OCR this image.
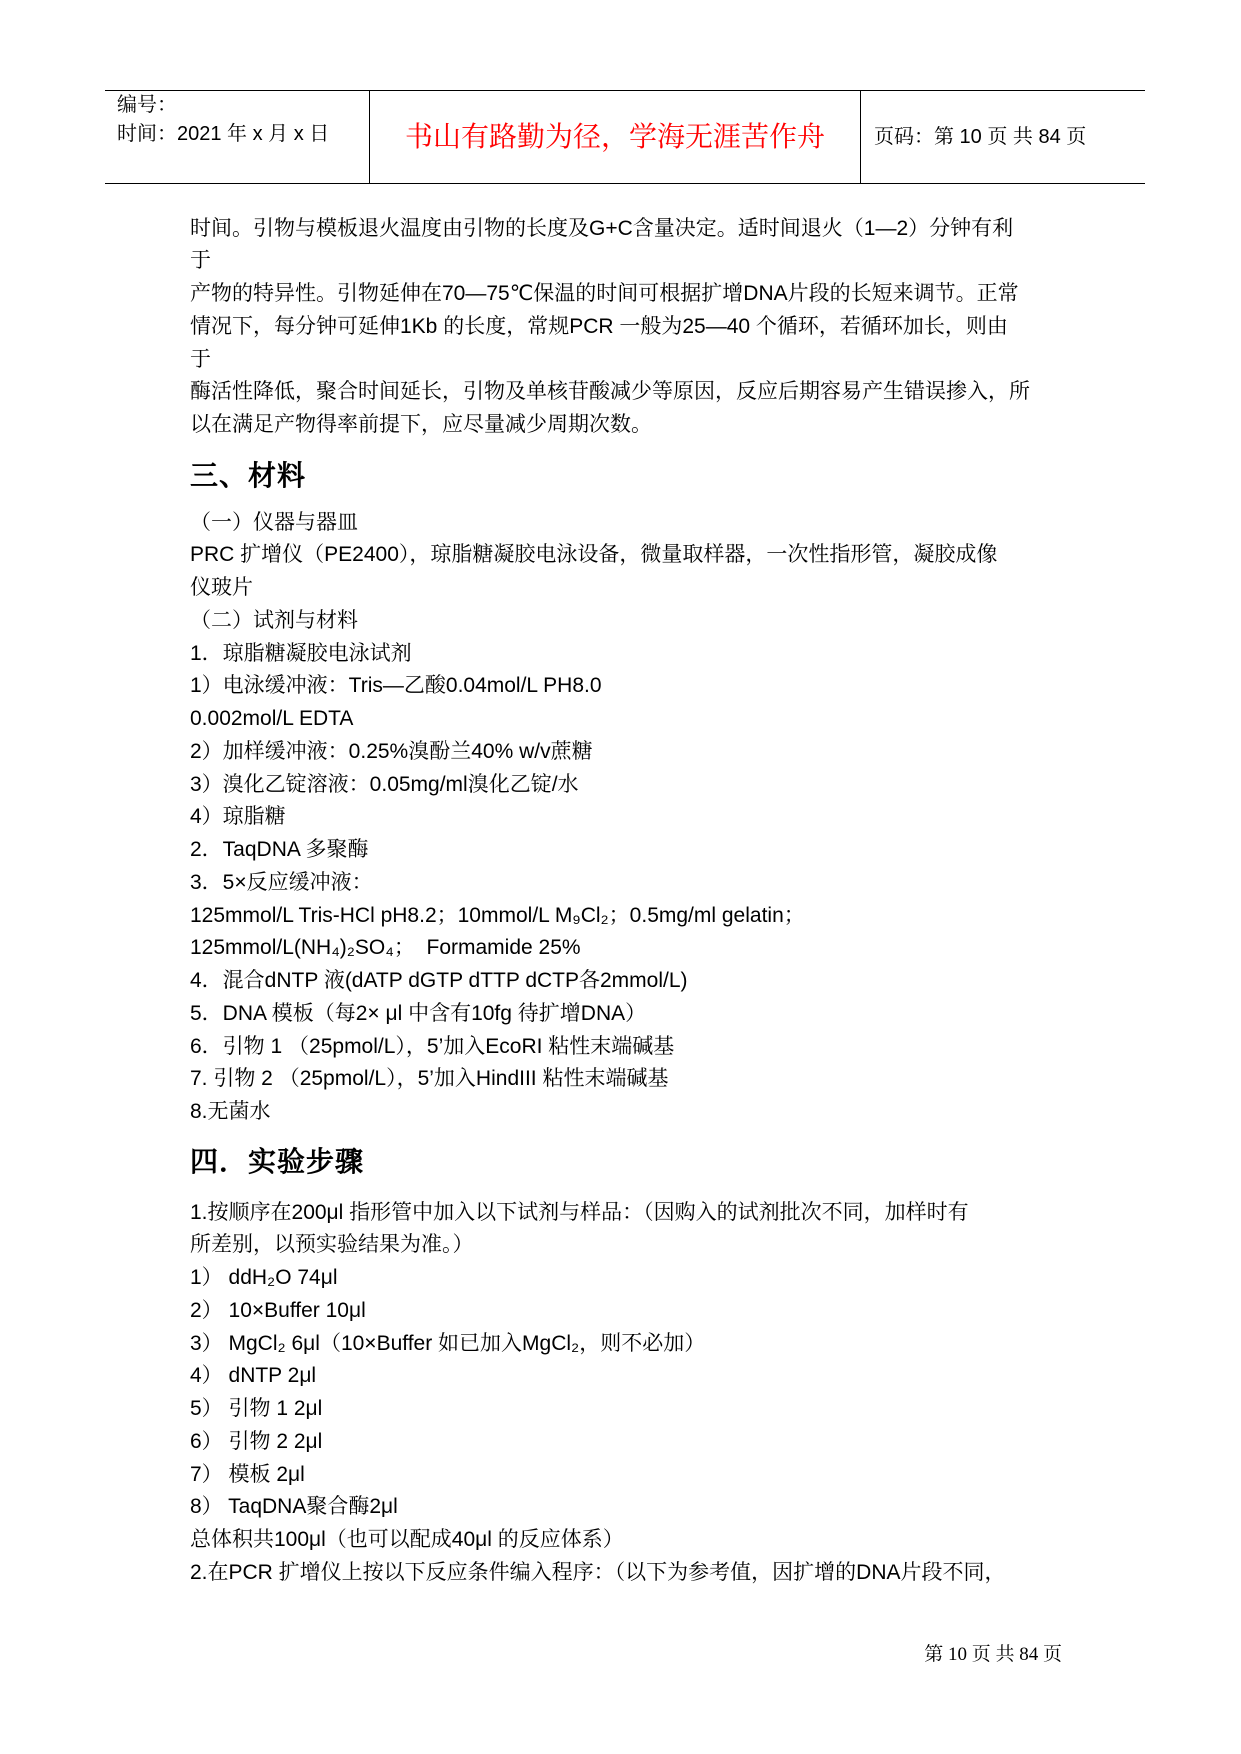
编号：
时间：2021 年 x 月 x 日	书山有路勤为径，学海无涯苦作舟 页码：第 10 页 共 84 页
时间。引物与模板退火温度由引物的长度及G+C含量决定。适时间退火（1—2）分钟有利
于
产物的特异性。引物延伸在70—75℃保温的时间可根据扩增DNA片段的长短来调节。正常
情况下，每分钟可延伸1Kb 的长度，常规PCR 一般为25—40 个循环，若循环加长，则由
于
酶活性降低，聚合时间延长，引物及单核苷酸减少等原因，反应后期容易产生错误掺入，所
以在满足产物得率前提下，应尽量减少周期次数。
三、材料
（一）仪器与器皿
PRC 扩增仪（PE2400），琼脂糖凝胶电泳设备，微量取样器，一次性指形管，凝胶成像
仪玻片
（二）试剂与材料
1．琼脂糖凝胶电泳试剂
1）电泳缓冲液：Tris—乙酸0.04mol/L PH8.0
0.002mol/L EDTA
2）加样缓冲液：0.25%溴酚兰40% w/v蔗糖
3）溴化乙锭溶液：0.05mg/ml溴化乙锭/水
4）琼脂糖
2．TaqDNA 多聚酶
3．5×反应缓冲液：
125mmol/L Tris-HCl pH8.2；10mmol/L M₉Cl₂；0.5mg/ml gelatin；
125mmol/L(NH₄)₂SO₄；  Formamide 25%
4．混合dNTP 液(dATP dGTP dTTP dCTP各2mmol/L)
5．DNA 模板（每2× μl 中含有10fg 待扩增DNA）
6．引物 1 （25pmol/L），5’加入EcoRI 粘性末端碱基
7. 引物 2 （25pmol/L），5’加入HindIII 粘性末端碱基
8.无菌水
四．实验步骤
1.按顺序在200μl 指形管中加入以下试剂与样品：（因购入的试剂批次不同，加样时有
所差别，以预实验结果为准。）
1） ddH₂O 74μl
2） 10×Buffer 10μl
3） MgCl₂ 6μl（10×Buffer 如已加入MgCl₂，则不必加）
4） dNTP 2μl
5） 引物 1 2μl
6） 引物 2 2μl
7） 模板 2μl
8） TaqDNA聚合酶2μl
总体积共100μl（也可以配成40μl 的反应体系）
2.在PCR 扩增仪上按以下反应条件编入程序：（以下为参考值，因扩增的DNA片段不同，
第 10 页 共 84 页
